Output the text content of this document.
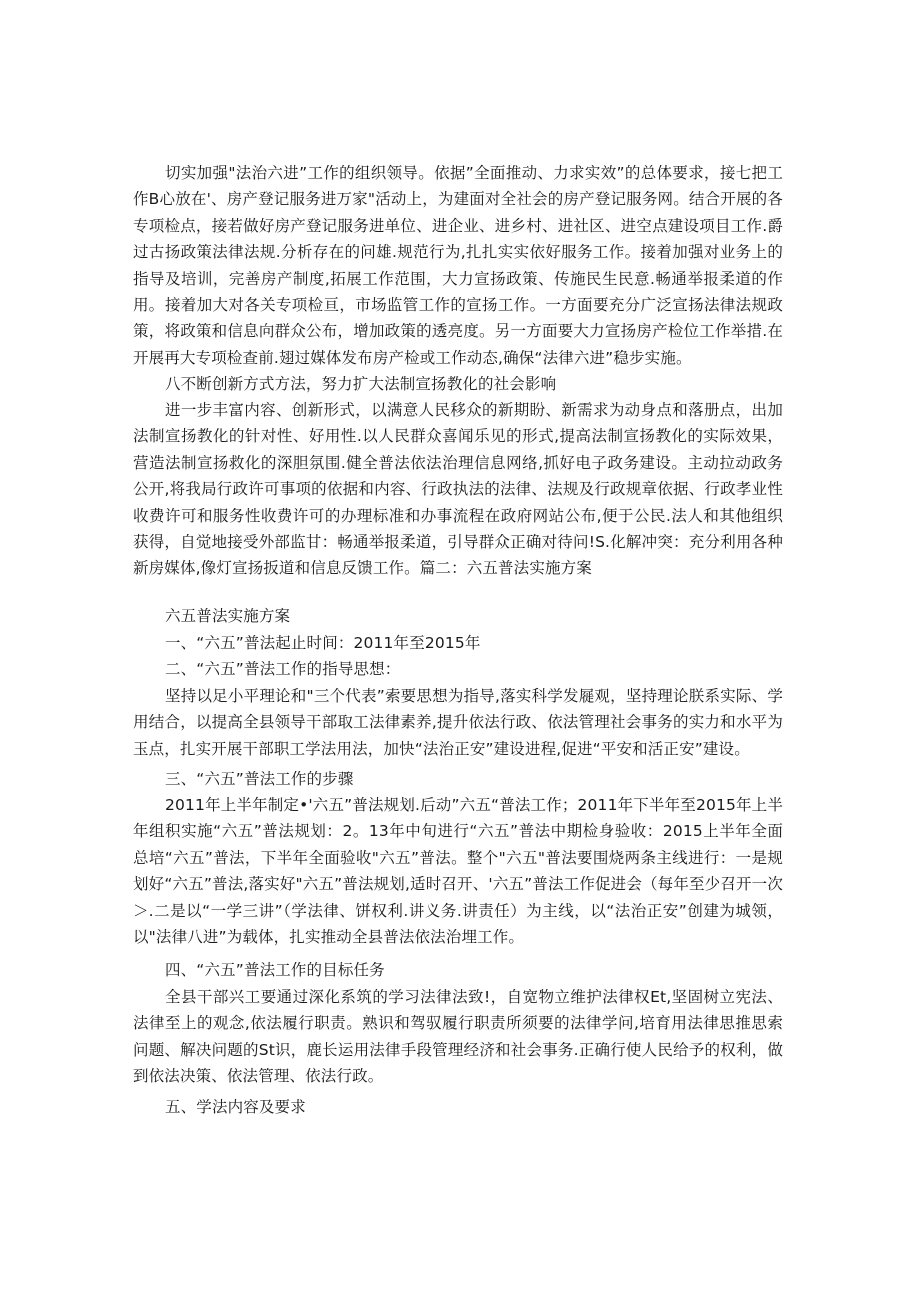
切实加强"法治六进”工作的组织领导。依据”全面推动、力求实效”的总体要求，接七把工作B心放在'、房产登记服务进万家"活动上，为建面对全社会的房产登记服务网。结合开展的各专项检点，接若做好房产登记服务进单位、进企业、进乡村、进社区、进空点建设项目工作.爵过古扬政策法律法规.分析存在的问雄.规范行为,扎扎实实依好服务工作。接着加强对业务上的指导及培训，完善房产制度,拓展工作范围，大力宣扬政策、传施民生民意.畅通举报柔道的作用。 接着加大对各关专项检亘，市场监管工作的宣扬工作。一方面要充分广泛宣扬法律法规政策，将政策和信息向群众公布，增加政策的透亮度。另一方面要大力宣扬房产检位工作举措.在开展再大专项检查前.翅过媒体发布房产检或工作动态,确保“法律六进”稳步实施。

八不断创新方式方法，努力扩大法制宣扬教化的社会影响

进一步丰富内容、创新形式，以满意人民移众的新期盼、新需求为动身点和落册点，出加法制宣扬教化的针对性、好用性.以人民群众喜闻乐见的形式,提高法制宣扬教化的实际效果，营造法制宣扬救化的深胆氛围.健全普法依法治理信息网络,抓好电子政务建设。主动拉动政务公开,将我局行政许可事项的依据和内容、行政执法的法律、法规及行政规章依据、行政孝业性收费许可和服务性收费许可的办理标准和办事流程在政府网站公布,便于公民.法人和其他组织获得，自觉地接受外部监甘：畅通举报柔道，引导群众正确对待问!S.化解冲突：充分利用各种新房媒体,像灯宣扬扳道和信息反馈工作。篇二：六五普法实施方案

六五普法实施方案

一、“六五”普法起止时间：2011年至2015年

二、“六五”普法工作的指导思想：

坚持以足小平理论和"三个代表”索要思想为指导,落实科学发屣观，坚持理论朕系实际、学用结合，以提高全县领导干部取工法律素养,提升依法行政、依法管理社会事务的实力和水平为玉点，扎实开展干部职工学法用法，加快“法治正安”建设进程,促进“平安和活正安”建设。

三、“六五”普法工作的步骤

2011年上半年制定•'六五”普法规划.后动”六五“普法工作；2011年下半年至2015年上半年组积实施“六五”普法规划：2。13年中旬进行“六五”普法中期检身验收：2015上半年全面总培“六五”普法，下半年全面验收"六五”普法。整个"六五"普法要围烧两条主线进行：一是规划好“六五”普法,落实好"六五”普法规划,适时召开、'六五”普法工作促进会（每年至少召开一次＞.二是以“一学三讲”（学法律、饼权利.讲义务.讲责任）为主线，以“法治正安”创建为城领，以"法律八进”为载体，扎实推动全县普法依法治埋工作。

四、“六五”普法工作的目标任务

全县干部兴工要通过深化系筑的学习法律法致!，自宽物立维护法律权Et,坚固树立宪法、法律至上的观念,依法履行职责。熟识和驾驭履行职责所须要的法律学问,培育用法律思推思索问题、解决问题的St识，鹿长运用法律手段管理经济和社会事务.正确行使人民给予的权利，做到依法决策、依法管理、依法行政。

五、学法内容及要求
